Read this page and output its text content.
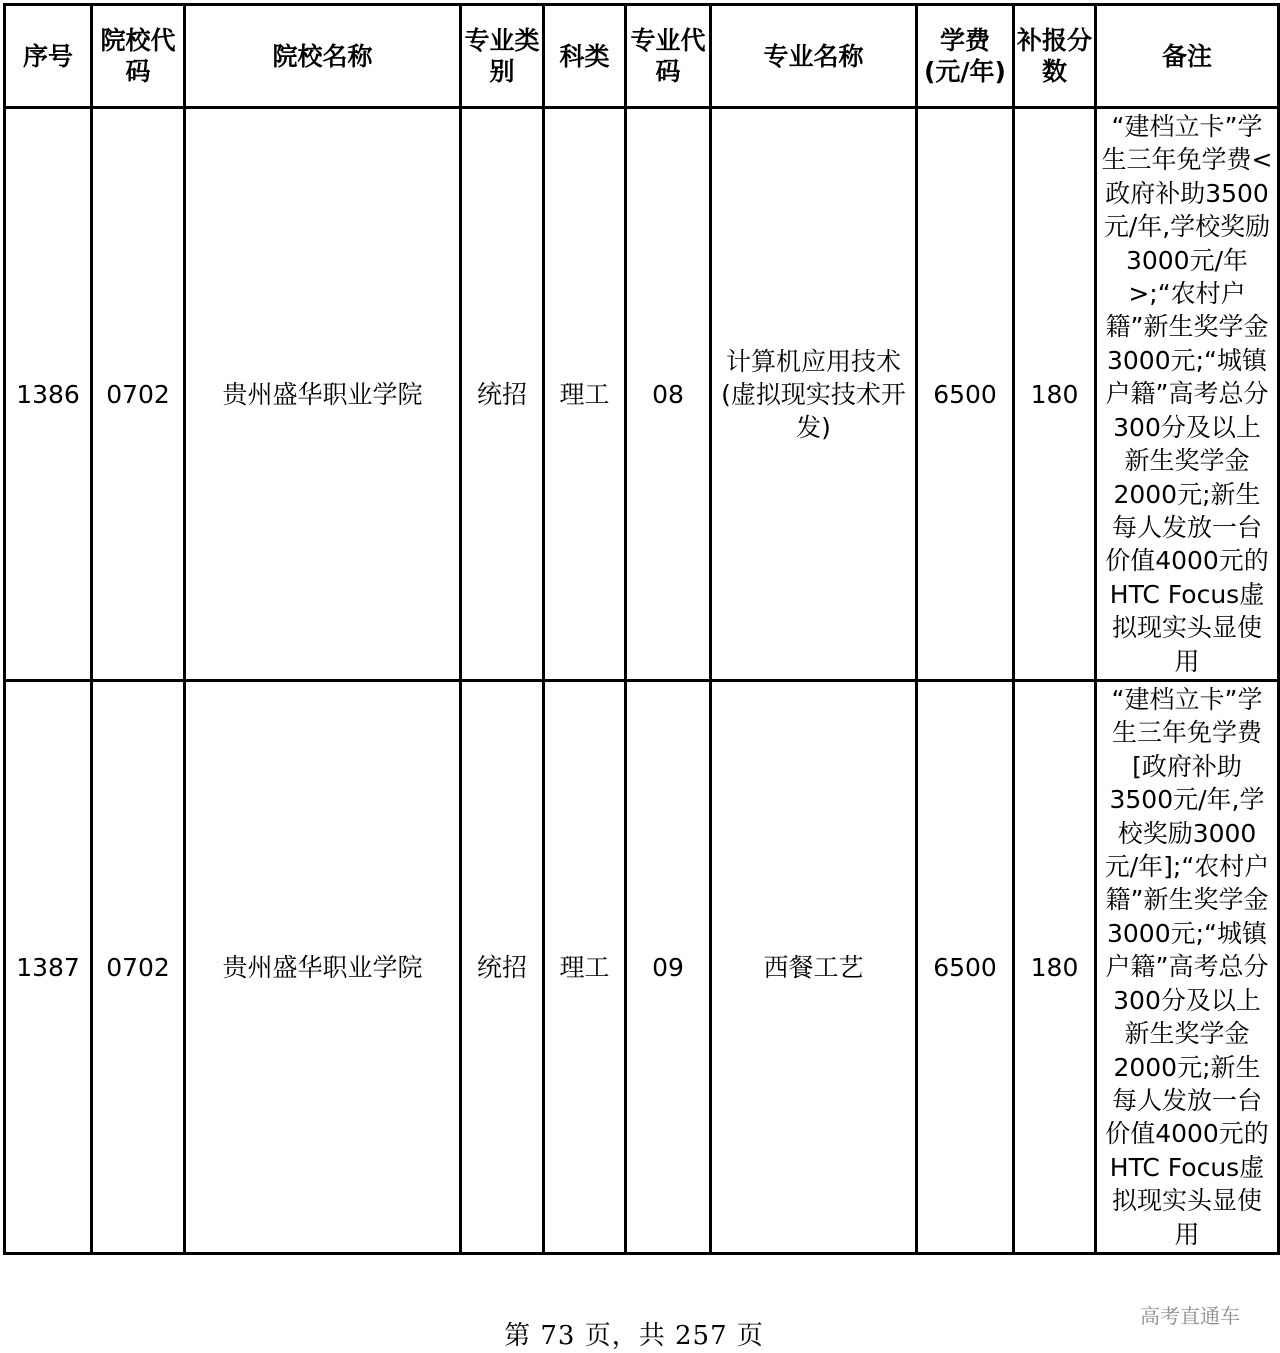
序号	院校代码	院校名称	专业类别	科类	专业代码	专业名称	学费(元/年)	补报分数	备注
1386	0702	贵州盛华职业学院	统招	理工	08	计算机应用技术(虚拟现实技术开发)	6500	180	“建档立卡”学生三年免学费<政府补助3500元/年,学校奖励3000元/年>;“农村户籍”新生奖学金3000元;“城镇户籍”高考总分300分及以上新生奖学金2000元;新生每人发放一台价值4000元的HTC Focus虚拟现实头显使用
1387	0702	贵州盛华职业学院	统招	理工	09	西餐工艺	6500	180	“建档立卡”学生三年免学费[政府补助3500元/年,学校奖励3000元/年];“农村户籍”新生奖学金3000元;“城镇户籍”高考总分300分及以上新生奖学金2000元;新生每人发放一台价值4000元的HTC Focus虚拟现实头显使用
高考直通车
第 73 页，共 257 页
